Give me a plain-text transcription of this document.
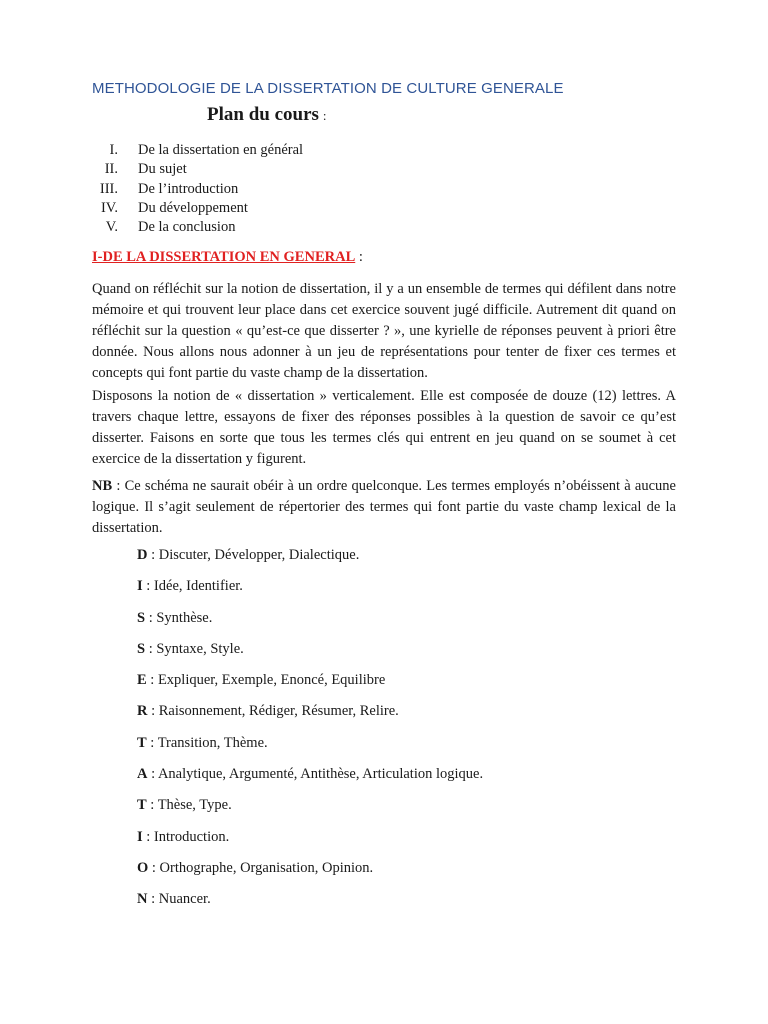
METHODOLOGIE DE LA DISSERTATION DE CULTURE GENERALE
Plan du cours :
I. De la dissertation en général
II. Du sujet
III. De l’introduction
IV. Du développement
V. De la conclusion
I-DE LA DISSERTATION EN GENERAL :

Quand on réfléchit sur la notion de dissertation, il y a un ensemble de termes qui défilent dans notre mémoire et qui trouvent leur place dans cet exercice souvent jugé difficile. Autrement dit quand on réfléchit sur la question « qu’est-ce que disserter ? », une kyrielle de réponses peuvent à priori être donnée. Nous allons nous adonner à un jeu de représentations pour tenter de fixer ces termes et concepts qui font partie du vaste champ de la dissertation.

Disposons la notion de « dissertation » verticalement. Elle est composée de douze (12) lettres. A travers chaque lettre, essayons de fixer des réponses possibles à la question de savoir ce qu’est disserter. Faisons en sorte que tous les termes clés qui entrent en jeu quand on se soumet à cet exercice de la dissertation y figurent.

NB : Ce schéma ne saurait obéir à un ordre quelconque. Les termes employés n’obéissent à aucune logique. Il s’agit seulement de répertorier des termes qui font partie du vaste champ lexical de la dissertation.

D : Discuter, Développer, Dialectique.
I : Idée, Identifier.
S : Synthèse.
S : Syntaxe, Style.
E : Expliquer, Exemple, Enoncé, Equilibre
R : Raisonnement, Rédiger, Résumer, Relire.
T : Transition, Thème.
A : Analytique, Argumenté, Antithèse, Articulation logique.
T : Thèse, Type.
I : Introduction.
O : Orthographe, Organisation, Opinion.
N : Nuancer.
